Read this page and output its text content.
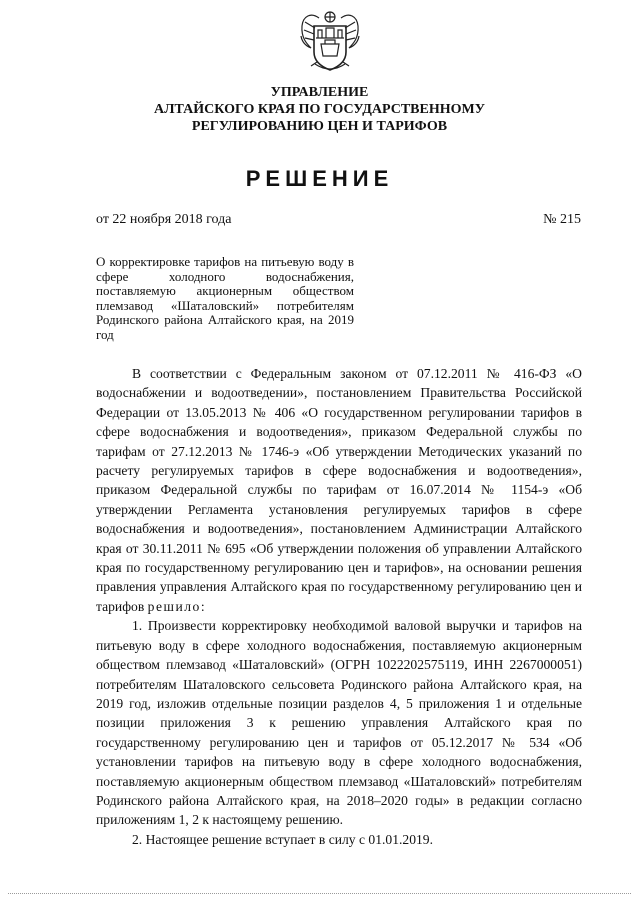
УПРАВЛЕНИЕ
АЛТАЙСКОГО КРАЯ ПО ГОСУДАРСТВЕННОМУ
РЕГУЛИРОВАНИЮ ЦЕН И ТАРИФОВ
РЕШЕНИЕ
от 22 ноября 2018 года	№ 215
О корректировке тарифов на питьевую воду в сфере холодного водоснабжения, поставляемую акционерным обществом племзавод «Шаталовский» потребителям Родинского района Алтайского края, на 2019 год

В соответствии с Федеральным законом от 07.12.2011 № 416-ФЗ «О водоснабжении и водоотведении», постановлением Правительства Российской Федерации от 13.05.2013 № 406 «О государственном регулировании тарифов в сфере водоснабжения и водоотведения», приказом Федеральной службы по тарифам от 27.12.2013 № 1746-э «Об утверждении Методических указаний по расчету регулируемых тарифов в сфере водоснабжения и водоотведения», приказом Федеральной службы по тарифам от 16.07.2014 № 1154-э «Об утверждении Регламента установления регулируемых тарифов в сфере водоснабжения и водоотведения», постановлением Администрации Алтайского края от 30.11.2011 № 695 «Об утверждении положения об управлении Алтайского края по государственному регулированию цен и тарифов», на основании решения правления управления Алтайского края по государственному регулированию цен и тарифов решило:

1. Произвести корректировку необходимой валовой выручки и тарифов на питьевую воду в сфере холодного водоснабжения, поставляемую акционерным обществом племзавод «Шаталовский» (ОГРН 1022202575119, ИНН 2267000051) потребителям Шаталовского сельсовета Родинского района Алтайского края, на 2019 год, изложив отдельные позиции разделов 4, 5 приложения 1 и отдельные позиции приложения 3 к решению управления Алтайского края по государственному регулированию цен и тарифов от 05.12.2017 № 534 «Об установлении тарифов на питьевую воду в сфере холодного водоснабжения, поставляемую акционерным обществом племзавод «Шаталовский» потребителям Родинского района Алтайского края, на 2018–2020 годы» в редакции согласно приложениям 1, 2 к настоящему решению.

2. Настоящее решение вступает в силу с 01.01.2019.
